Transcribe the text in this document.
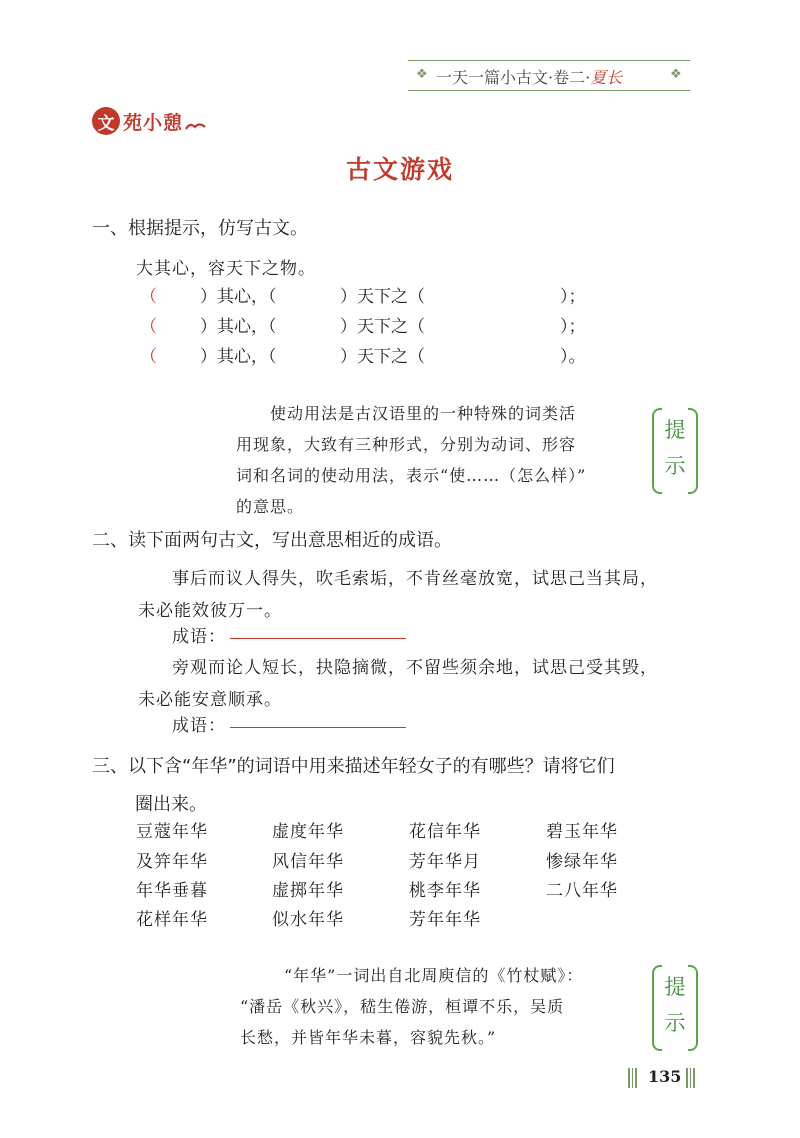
❖ 一天一篇小古文·卷二·夏长	❖
文 苑小憩
古文游戏
一、根据提示，仿写古文。
大其心，容天下之物。
（	）其心，（	）天下之（	）；
（	）其心，（	）天下之（	）；
（	）其心，（	）天下之（	）。
使动用法是古汉语里的一种特殊的词类活
用现象，大致有三种形式，分别为动词、形容
词和名词的使动用法，表示“使……（怎么样）”
的意思。
提
示
二、读下面两句古文，写出意思相近的成语。
事后而议人得失，吹毛索垢，不肯丝毫放宽，试思己当其局，
未必能效彼万一。
成语：
旁观而论人短长，抉隐摘微，不留些须余地，试思己受其毁，
未必能安意顺承。
成语：
三、以下含“年华”的词语中用来描述年轻女子的有哪些？请将它们
圈出来。
豆蔻年华	虚度年华	花信年华	碧玉年华
及笄年华	风信年华	芳年华月	惨绿年华
年华垂暮	虚掷年华	桃李年华	二八年华
花样年华	似水年华	芳年年华
“年华”一词出自北周庾信的《竹杖赋》：
“潘岳《秋兴》，嵇生倦游，桓谭不乐，吴质
长愁，并皆年华未暮，容貌先秋。”
提
示
135
